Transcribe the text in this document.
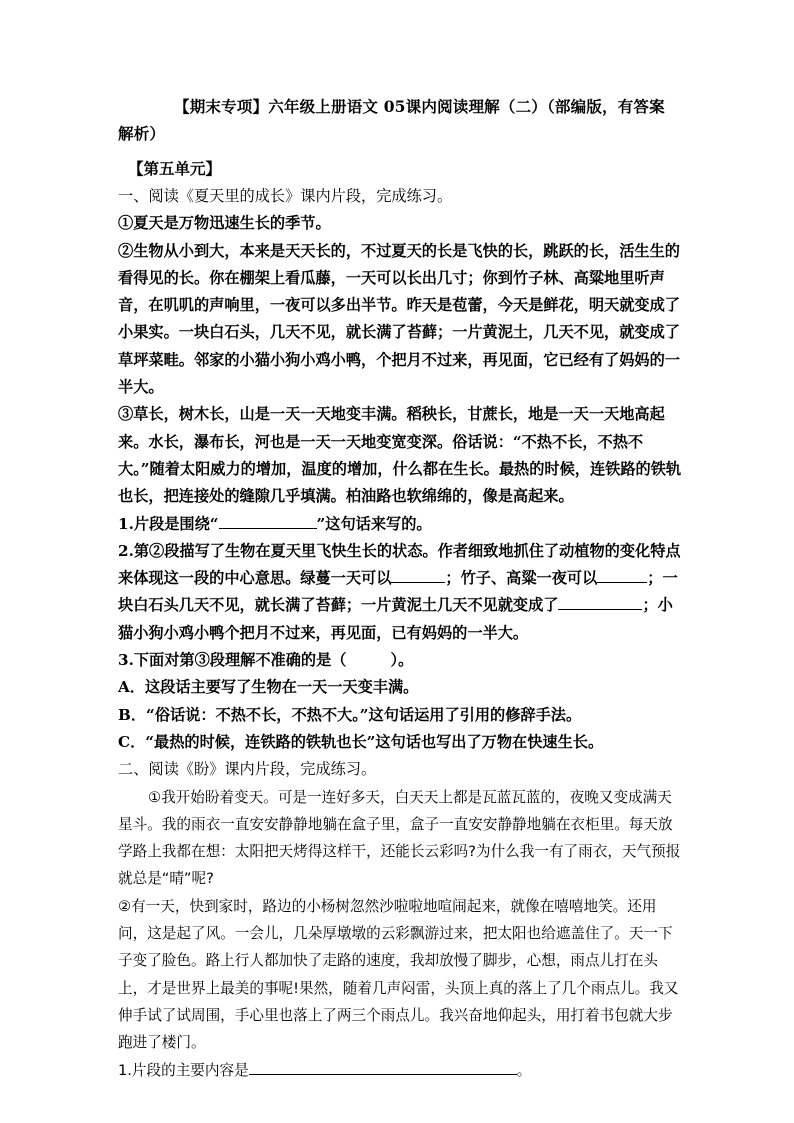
【期末专项】六年级上册语文 05课内阅读理解（二）（部编版，有答案解析）
【第五单元】

一、阅读《夏天里的成长》课内片段，完成练习。

①夏天是万物迅速生长的季节。

②生物从小到大，本来是天天长的，不过夏天的长是飞快的长，跳跃的长，活生生的看得见的长。你在棚架上看瓜藤，一天可以长出几寸；你到竹子林、高粱地里听声音，在叽叽的声响里，一夜可以多出半节。昨天是苞蕾，今天是鲜花，明天就变成了小果实。一块白石头，几天不见，就长满了苔藓；一片黄泥土，几天不见，就变成了草坪菜畦。邻家的小猫小狗小鸡小鸭，个把月不过来，再见面，它已经有了妈妈的一半大。

③草长，树木长，山是一天一天地变丰满。稻秧长，甘蔗长，地是一天一天地高起来。水长，瀑布长，河也是一天一天地变宽变深。俗话说：“不热不长，不热不大。”随着太阳威力的增加，温度的增加，什么都在生长。最热的时候，连铁路的铁轨也长，把连接处的缝隙几乎填满。柏油路也软绵绵的，像是高起来。

1.片段是围绕“	”这句话来写的。

2.第②段描写了生物在夏天里飞快生长的状态。作者细致地抓住了动植物的变化特点来体现这一段的中心意思。绿蔓一天可以	；竹子、高粱一夜可以	；一块白石头几天不见，就长满了苔藓；一片黄泥土几天不见就变成了	；小猫小狗小鸡小鸭个把月不过来，再见面，已有妈妈的一半大。

3.下面对第③段理解不准确的是（	）。

A．这段话主要写了生物在一天一天变丰满。

B．“俗话说：不热不长，不热不大。”这句话运用了引用的修辞手法。

C．“最热的时候，连铁路的铁轨也长”这句话也写出了万物在快速生长。

二、阅读《盼》课内片段，完成练习。

①我开始盼着变天。可是一连好多天，白天天上都是瓦蓝瓦蓝的，夜晚又变成满天

星斗。我的雨衣一直安安静静地躺在盒子里，盒子一直安安静静地躺在衣柜里。每天放学路上我都在想：太阳把天烤得这样干，还能长云彩吗?为什么我一有了雨衣，天气预报就总是“晴”呢?

②有一天，快到家时，路边的小杨树忽然沙啦啦地喧闹起来，就像在嘻嘻地笑。还用问，这是起了风。一会儿，几朵厚墩墩的云彩飘游过来，把太阳也给遮盖住了。天一下子变了脸色。路上行人都加快了走路的速度，我却放慢了脚步，心想，雨点儿打在头上，才是世界上最美的事呢!果然，随着几声闷雷，头顶上真的落上了几个雨点儿。我又伸手试了试周围，手心里也落上了两三个雨点儿。我兴奋地仰起头，用打着书包就大步跑进了楼门。

1.片段的主要内容是	。
